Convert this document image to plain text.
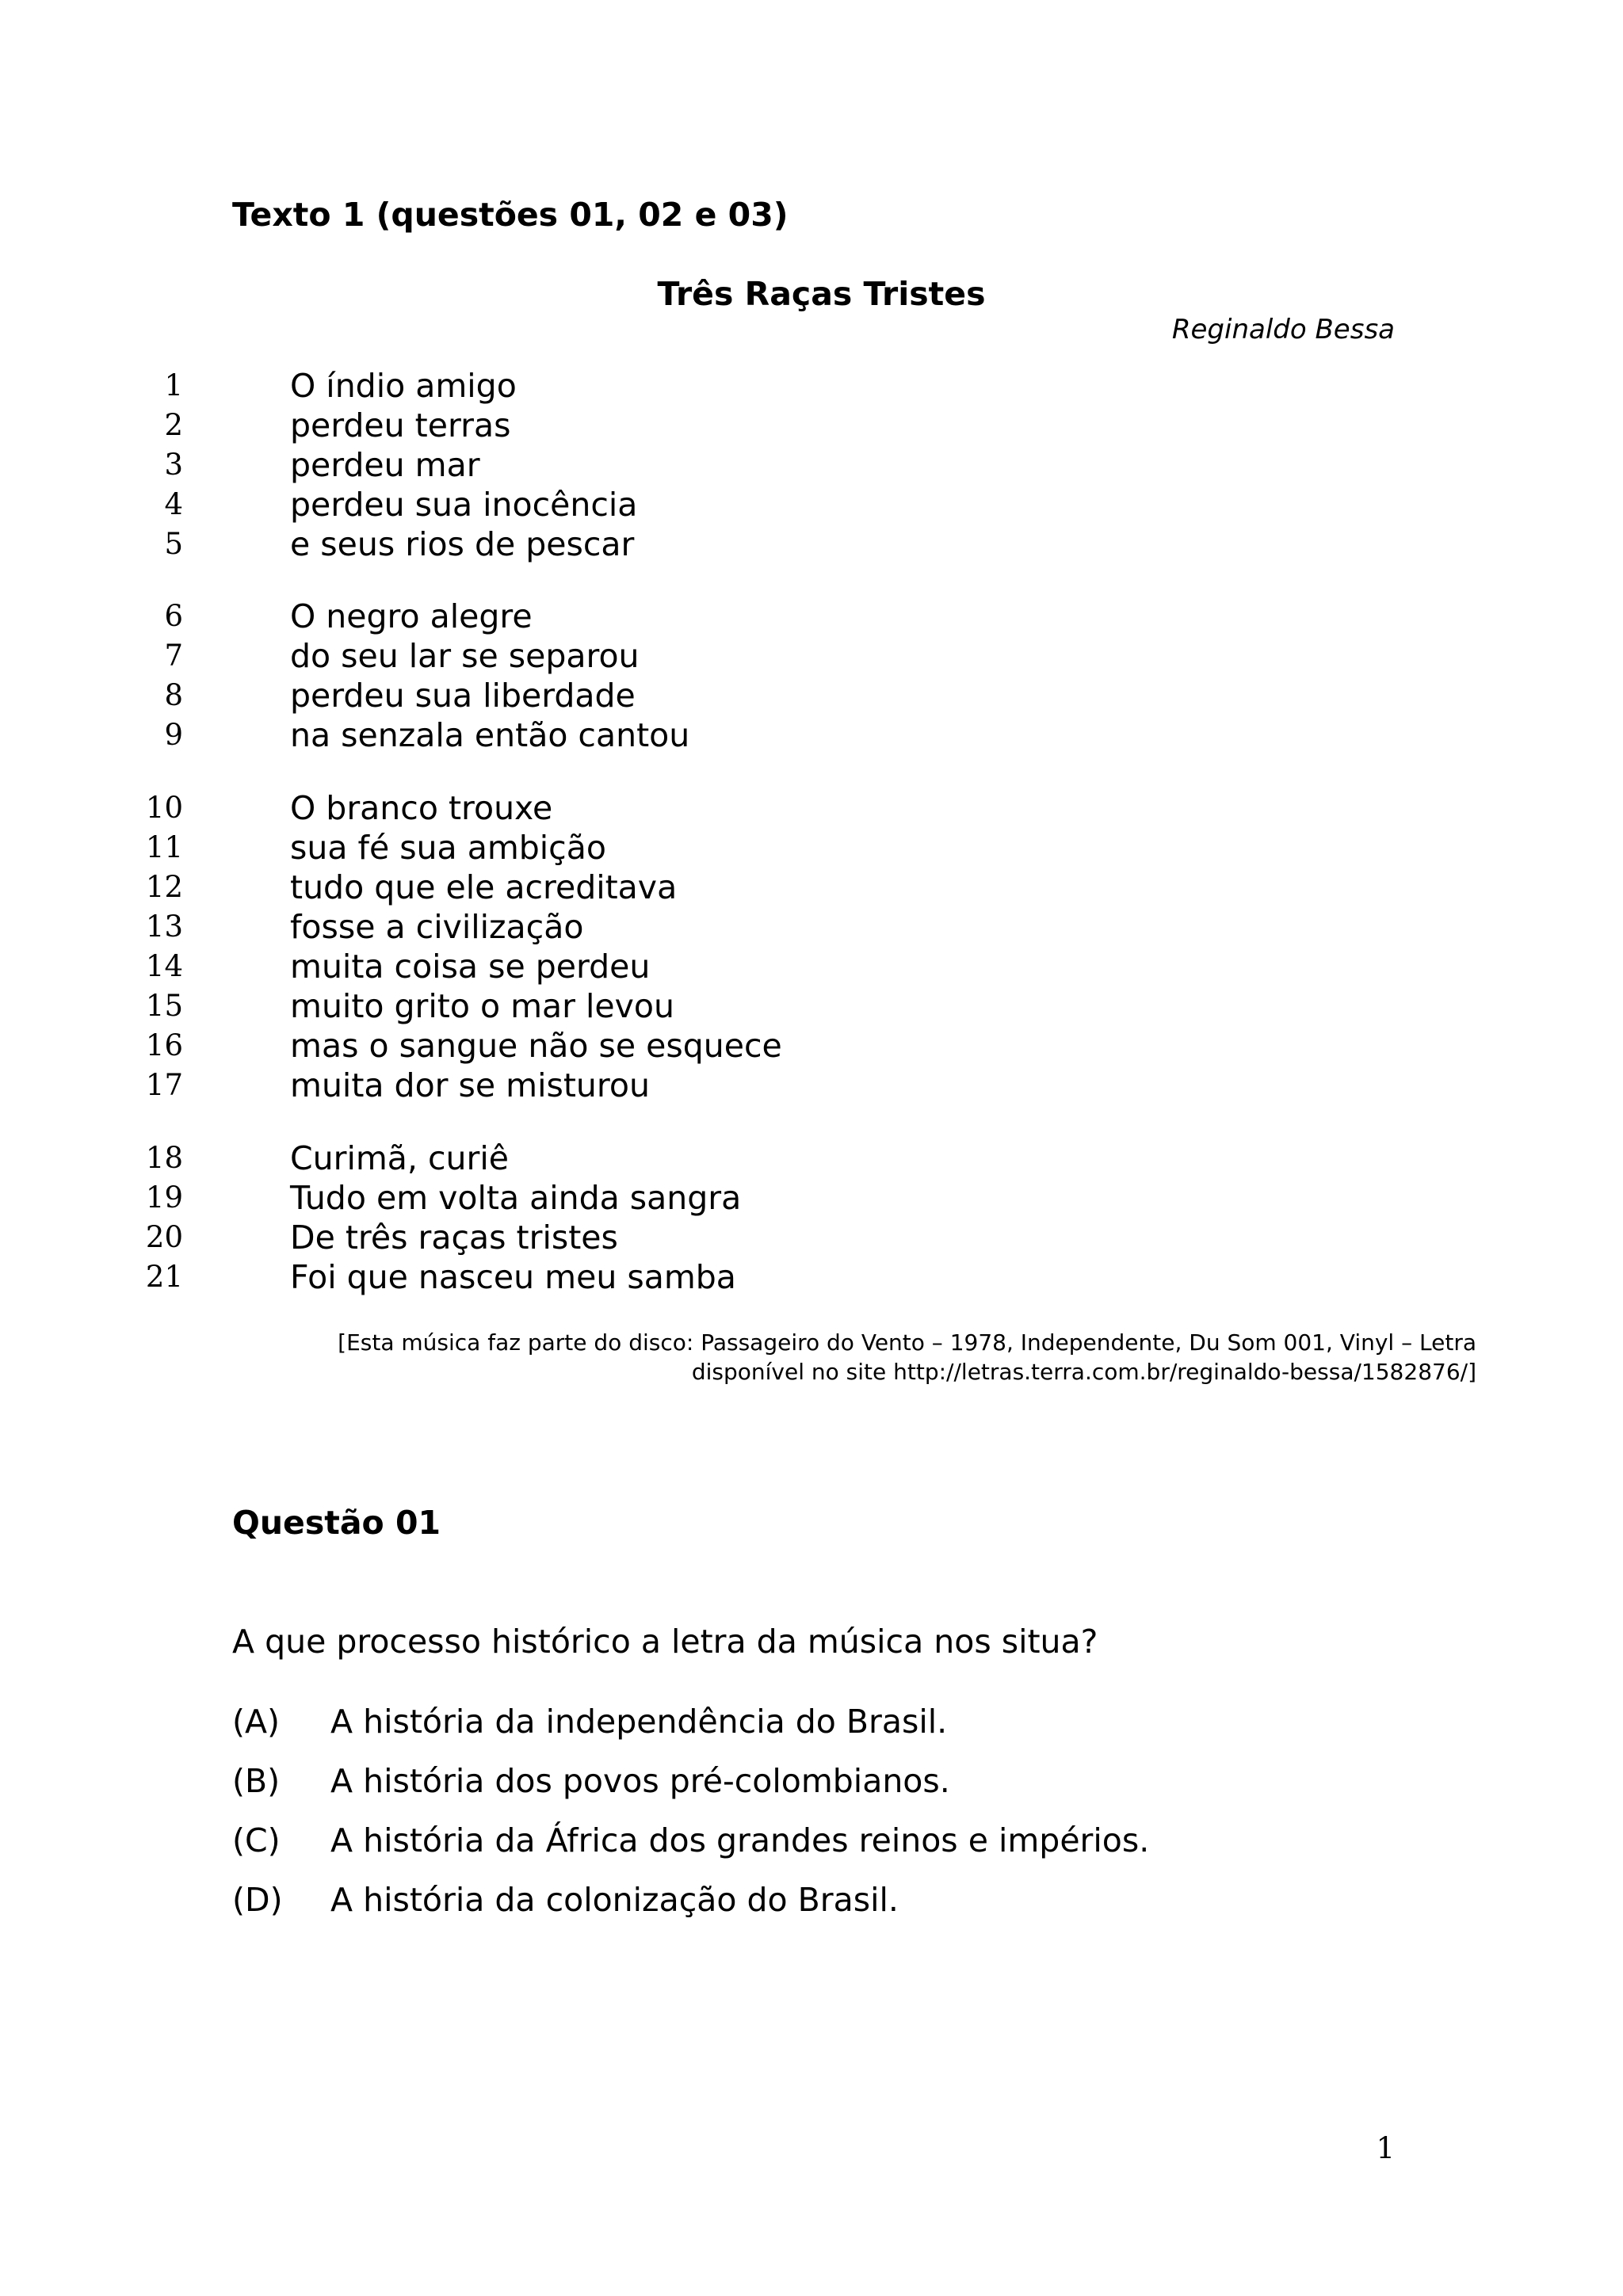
Texto 1 (questões 01, 02 e 03)
Três Raças Tristes
Reginaldo Bessa
1	O índio amigo
2	perdeu terras
3	perdeu mar
4	perdeu sua inocência
5	e seus rios de pescar
6	O negro alegre
7	do seu lar se separou
8	perdeu sua liberdade
9	na senzala então cantou
10	O branco trouxe
11	sua fé sua ambição
12	tudo que ele acreditava
13	fosse a civilização
14	muita coisa se perdeu
15	muito grito o mar levou
16	mas o sangue não se esquece
17	muita dor se misturou
18	Curimã, curiê
19	Tudo em volta ainda sangra
20	De três raças tristes
21	Foi que nasceu meu samba
[Esta música faz parte do disco: Passageiro do Vento – 1978, Independente, Du Som 001, Vinyl – Letra
disponível no site http://letras.terra.com.br/reginaldo-bessa/1582876/]
Questão 01
A que processo histórico a letra da música nos situa?
(A) A história da independência do Brasil.
(B) A história dos povos pré-colombianos.
(C) A história da África dos grandes reinos e impérios.
(D) A história da colonização do Brasil.
1
